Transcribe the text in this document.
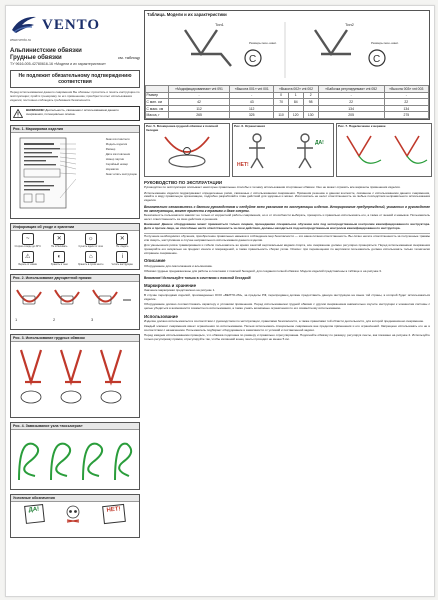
VENTO
www.vento.ru
Альпинистские обвязки
Грудные обвязки	см. таблицу
ТУ 9616-005-42780616-16 «Модели и их характеристики»
Не подлежит обязательному подтверждению соответствия
Перед использованием данного снаряжения Вы обязаны: прочитать и понять инструкцию по эксплуатации; пройти тренировку по его применению; приобрести опыт использования изделия; постоянно соблюдать требования безопасности.
ВНИМАНИЕ! Деятельность, связанная с использованием данного снаряжения, потенциально опасна.
Рис. 1. Маркировка изделия
Знак изготовителя
Модель изделия
Размер
Дата изготовления
Номер партии
Серийный номер
Норматив
Знак читать инструкцию
Информация об уходе и хранении
~
Стирать в воде до 30°C
✕
Не отбеливать
☼
Сушить вдали от огня
✕
Не гладить
⚠
Беречь от химии
◐
Хранить в тени
⌂
Хранить в сухом месте
i
Читать инструкцию
Рис. 2. Использование двухцветной пряжки
1	2	3
Рис. 3. Использование грудных обвязок
Рис. 4. Завязывание узла «восьмерка»
Условные обозначения
ДА!	НЕТ!
Таблица. Модели и их характеристики
Тип1	Тип2
C
Размеры мин.-макс.
C
Размеры мин.-макс.
	«Модифицированная» vnt 091	«Высота 001» vnt 001	«Высота 002» vnt 002			«Бабочка регулируемая» vnt 052	«Высота 003» vnt 003
Размер	-	-	0	1	2	-	-
С мин. см	42	43	70	84	98	22	22
С макс. см	112	112				134	134
Масса, г	265	325	110	120	130	205	275
Рис. 5. Блокировка грудной обвязки к поясной беседке
Рис. 6. Ограничения
НЕТ!
ДА!
Рис. 7. Подключение к веревке
РУКОВОДСТВО ПО ЭКСПЛУАТАЦИИ
Руководство по эксплуатации описывает некоторые правильные способы и технику использования спортивных обвязок. Оно не может отразить все варианты применения изделия.
Использование изделия подразумевает определенные риски, связанные с использованием снаряжения. Применяя решение в данном контексте, связанное с использованием данного снаряжения, имейте в виду правильную организацию, подробно разработайте план действий для здоровья и жизни. Изготовитель не несет ответственность за любые последствия неправильного использования изделия.
Внимательно ознакомьтесь с данным руководством и следуйте всем указаниям по эксплуатации изделия. Игнорирование предупреждений, указанных в руководстве по эксплуатации, может привести к травмам и даже смерти.
Безопасность пользователя зависит не только от корректной работы снаряжения, но и от способности выбирать, проверять и правильно использовать его, а также от знаний и навыков. Пользователь несет ответственность за свои действия и решения.
Внимание! Данное оборудование может применяться только лицами, прошедшими специальное обучение или под непосредственным контролем квалифицированного инструктора. Дети и прочие лица, не способные нести ответственность за свои действия, должны находиться под непосредственным контролем квалифицированного инструктора.
Получение необходимого обучения, приобретение правильных навыков и соблюдение мер безопасности — это ваша личная ответственность. Вы лично несете ответственность за полученные травмы или смерть, наступившие в случае неправильного использования данного изделия.
Для уменьшения риска травмирования и гибели пользователь во время занятий вертикальным видами спорта, все снаряжение должно регулярно проверяться. Перед использованием снаряжения проверяйте его визуально на предмет износа и повреждений, а также правильность сборки узлов. Опасно: при перемещении по вертикали пользователь должен использовать только технически исправное снаряжение.
Описание
Оборудование для скалолазания и альпинизма.
Обвязки грудные предназначены для работы в сочетании с поясной беседкой, для создания полной обвязки. Модели изделий представлены в таблице и на рисунке 3.
Внимание! Используйте только в сочетании с поясной беседкой!
Маркировка и хранение
Значение маркировки представлено на рисунке 1.
В случае перепродажи изделий, произведенных ООО «ВЕНТО-2М», за пределы РФ, перепродавец должен предоставить данную инструкцию на языке той страны, в которой будет использоваться изделие.
Оборудование должно соответствовать характеру и условиям применения. Перед использованием грудной обвязки с другим снаряжением внимательно изучите инструкции к элементам системы с целью убедиться в возможности совместного использования, а также узнать возможные ограничения по его совместному использованию.
Использование
Изделие должно использоваться в соответствии с руководством по эксплуатации, правилами безопасности, а также правилами той области деятельности, для которой предназначено снаряжение.
Каждый элемент снаряжения имеет ограничения по использованию. Нельзя использовать специальное снаряжение вне пределов применения и его ограничений. Запрещено использовать его не в соответствии с назначением. Пользователь подбирает оборудование в зависимости от условий и поставленной задачи.
Перед каждым использованием проверьте, что обвязка подогнана по размеру и правильно отрегулирована. Подогнайте обвязку по размеру, регулируя ленты, как показано на рисунке 2. Используйте только регулировку пряжки, отрегулируйте так, чтобы излишний конец ленты проходил не менее 5 см.
